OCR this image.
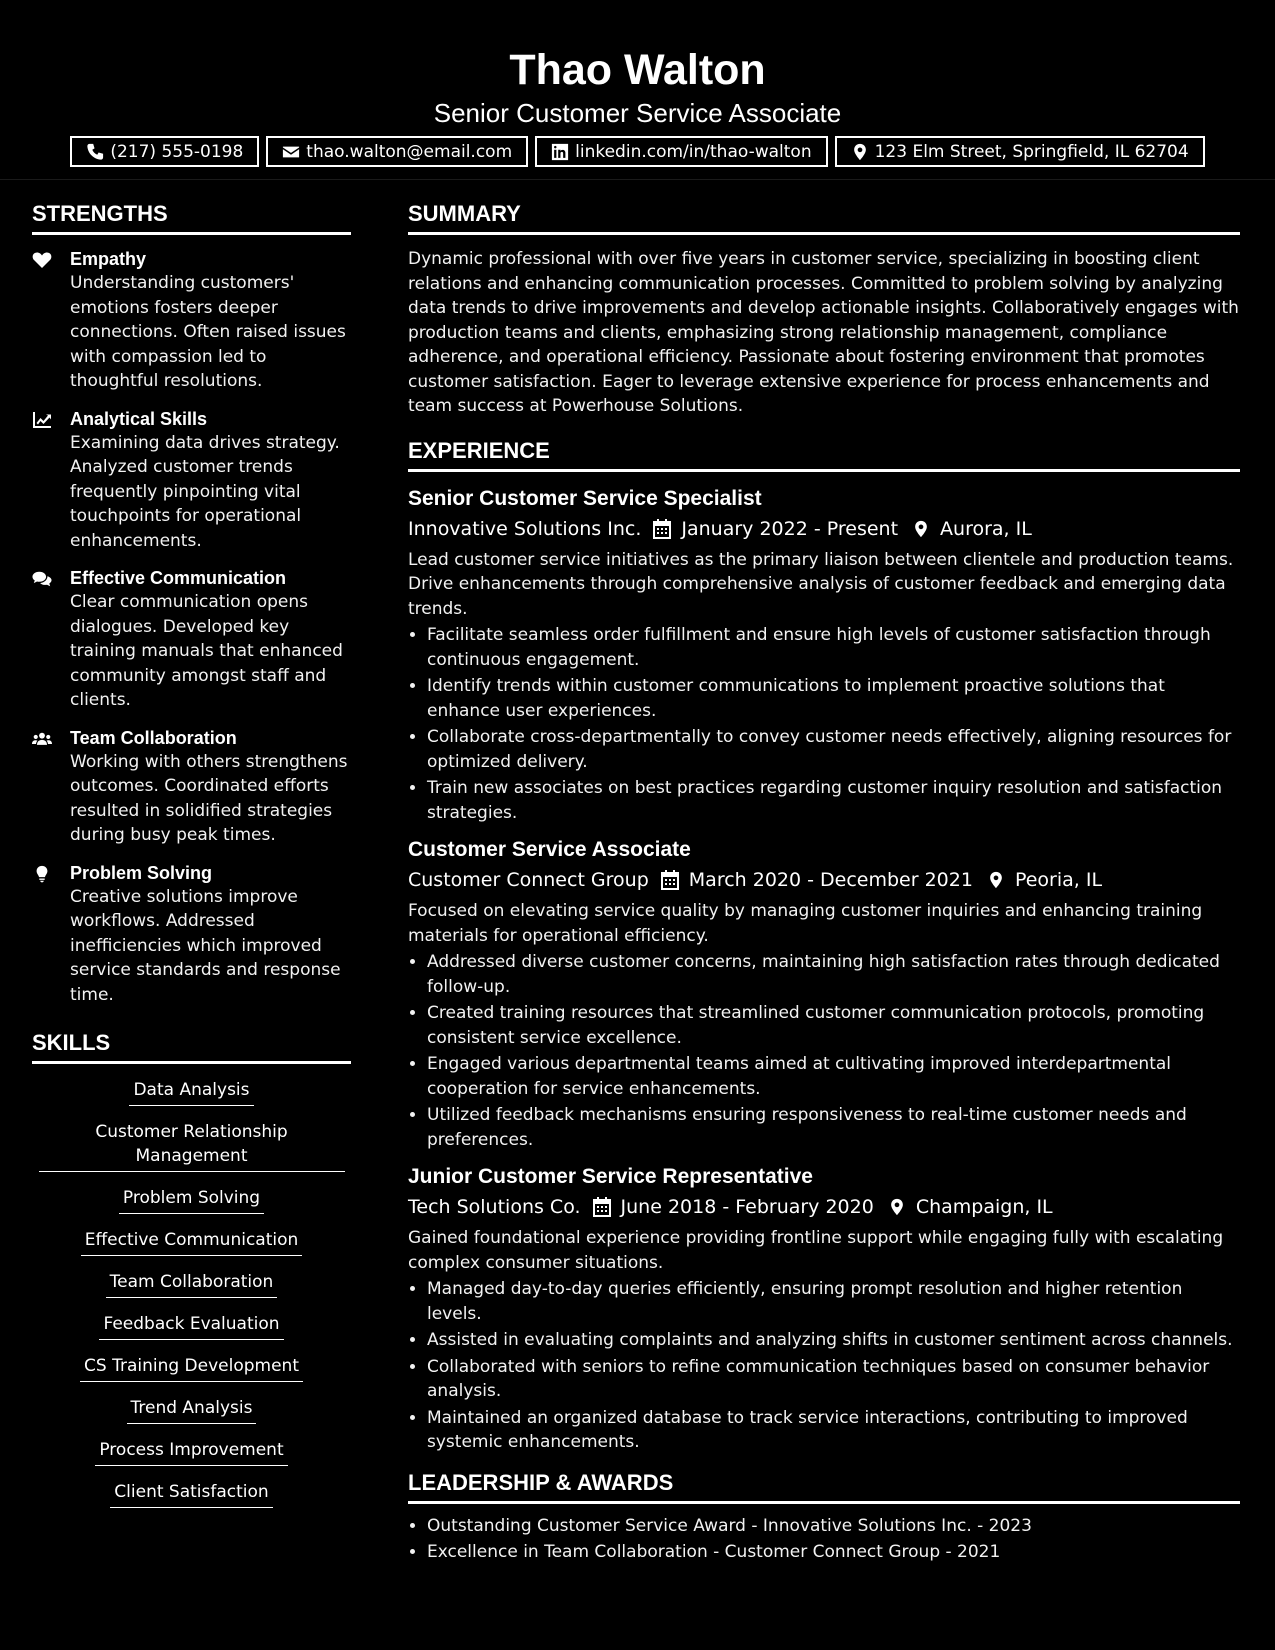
Thao Walton
Senior Customer Service Associate
(217) 555-0198	thao.walton@email.com	linkedin.com/in/thao-walton	123 Elm Street, Springfield, IL 62704
STRENGTHS
Empathy
Understanding customers' emotions fosters deeper connections. Often raised issues with compassion led to thoughtful resolutions.
Analytical Skills
Examining data drives strategy. Analyzed customer trends frequently pinpointing vital touchpoints for operational enhancements.
Effective Communication
Clear communication opens dialogues. Developed key training manuals that enhanced community amongst staff and clients.
Team Collaboration
Working with others strengthens outcomes. Coordinated efforts resulted in solidified strategies during busy peak times.
Problem Solving
Creative solutions improve workflows. Addressed inefficiencies which improved service standards and response time.
SKILLS
Data Analysis
Customer Relationship Management
Problem Solving
Effective Communication
Team Collaboration
Feedback Evaluation
CS Training Development
Trend Analysis
Process Improvement
Client Satisfaction
SUMMARY
Dynamic professional with over five years in customer service, specializing in boosting client relations and enhancing communication processes. Committed to problem solving by analyzing data trends to drive improvements and develop actionable insights. Collaboratively engages with production teams and clients, emphasizing strong relationship management, compliance adherence, and operational efficiency. Passionate about fostering environment that promotes customer satisfaction. Eager to leverage extensive experience for process enhancements and team success at Powerhouse Solutions.
EXPERIENCE
Senior Customer Service Specialist
Innovative Solutions Inc. January 2022 - Present Aurora, IL
Lead customer service initiatives as the primary liaison between clientele and production teams. Drive enhancements through comprehensive analysis of customer feedback and emerging data trends.
• Facilitate seamless order fulfillment and ensure high levels of customer satisfaction through continuous engagement.
• Identify trends within customer communications to implement proactive solutions that enhance user experiences.
• Collaborate cross-departmentally to convey customer needs effectively, aligning resources for optimized delivery.
• Train new associates on best practices regarding customer inquiry resolution and satisfaction strategies.
Customer Service Associate
Customer Connect Group March 2020 - December 2021 Peoria, IL
Focused on elevating service quality by managing customer inquiries and enhancing training materials for operational efficiency.
• Addressed diverse customer concerns, maintaining high satisfaction rates through dedicated follow-up.
• Created training resources that streamlined customer communication protocols, promoting consistent service excellence.
• Engaged various departmental teams aimed at cultivating improved interdepartmental cooperation for service enhancements.
• Utilized feedback mechanisms ensuring responsiveness to real-time customer needs and preferences.
Junior Customer Service Representative
Tech Solutions Co. June 2018 - February 2020 Champaign, IL
Gained foundational experience providing frontline support while engaging fully with escalating complex consumer situations.
• Managed day-to-day queries efficiently, ensuring prompt resolution and higher retention levels.
• Assisted in evaluating complaints and analyzing shifts in customer sentiment across channels.
• Collaborated with seniors to refine communication techniques based on consumer behavior analysis.
• Maintained an organized database to track service interactions, contributing to improved systemic enhancements.
LEADERSHIP & AWARDS
• Outstanding Customer Service Award - Innovative Solutions Inc. - 2023
• Excellence in Team Collaboration - Customer Connect Group - 2021
